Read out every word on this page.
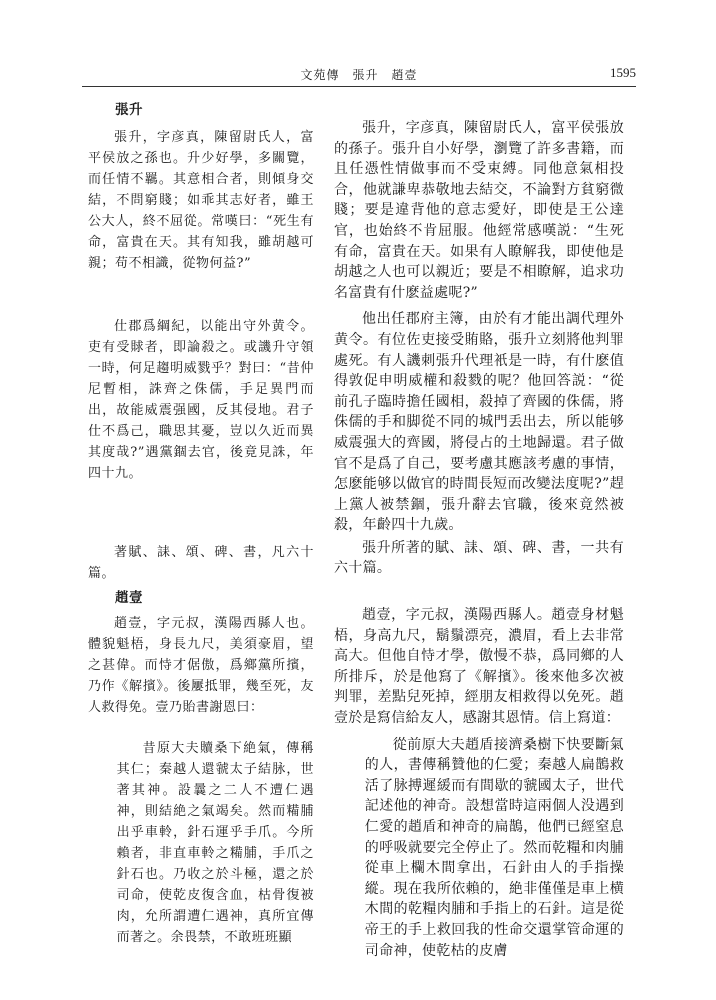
文苑傳　張升　趙壹	1595

張升

張升，字彦真，陳留尉氏人，富平侯放之孫也。升少好學，多關覽，而任情不羈。其意相合者，則傾身交結，不問窮賤；如乖其志好者，雖王公大人，終不屈從。常嘆曰：“死生有命，富貴在天。其有知我，雖胡越可親；苟不相識，從物何益?”

仕郡爲綱紀，以能出守外黄令。吏有受賕者，即論殺之。或譏升守領一時，何足趨明威戮乎？對曰：“昔仲尼暫相，誅齊之侏儒，手足異門而出，故能威震强國，反其侵地。君子仕不爲己，職思其憂，豈以久近而異其度哉?”遇黨錮去官，後竟見誅，年四十九。

著賦、誄、頌、碑、書，凡六十篇。

趙壹

趙壹，字元叔，漢陽西縣人也。體貌魁梧，身長九尺，美須豪眉，望之甚偉。而恃才倨傲，爲鄉黨所擯，乃作《解擯》。後屢抵罪，幾至死，友人救得免。壹乃貽書謝恩曰：

昔原大夫贖桑下絶氣，傳稱其仁；秦越人還虢太子結脉，世著其神。設曩之二人不遭仁遇神，則結絶之氣竭矣。然而糒脯出乎車軨，針石運乎手爪。今所賴者，非直車軨之糒脯，手爪之針石也。乃收之於斗極，還之於司命，使乾皮復含血，枯骨復被肉，允所謂遭仁遇神，真所宜傳而著之。余畏禁，不敢班班顯

張升，字彦真，陳留尉氏人，富平侯張放的孫子。張升自小好學，瀏覽了許多書籍，而且任憑性情做事而不受束縛。同他意氣相投合，他就謙卑恭敬地去結交，不論對方貧窮微賤；要是違背他的意志愛好，即使是王公達官，也始終不肯屈服。他經常感嘆説：“生死有命，富貴在天。如果有人瞭解我，即使他是胡越之人也可以親近；要是不相瞭解，追求功名富貴有什麽益處呢?”

他出任郡府主簿，由於有才能出調代理外黄令。有位佐吏接受賄賂，張升立刻將他判罪處死。有人譏刺張升代理衹是一時，有什麽值得敦促申明威權和殺戮的呢？他回答説：“從前孔子臨時擔任國相，殺掉了齊國的侏儒，將侏儒的手和脚從不同的城門丢出去，所以能够威震强大的齊國，將侵占的土地歸還。君子做官不是爲了自己，要考慮其應該考慮的事情，怎麽能够以做官的時間長短而改變法度呢?”趕上黨人被禁錮，張升辭去官職，後來竟然被殺，年齡四十九歲。

張升所著的賦、誄、頌、碑、書，一共有六十篇。

趙壹，字元叔，漢陽西縣人。趙壹身材魁梧，身高九尺，鬍鬚漂亮，濃眉，看上去非常高大。但他自恃才學，傲慢不恭，爲同鄉的人所排斥，於是他寫了《解擯》。後來他多次被判罪，差點兒死掉，經朋友相救得以免死。趙壹於是寫信給友人，感謝其恩情。信上寫道：

從前原大夫趙盾接濟桑樹下快要斷氣的人，書傳稱贊他的仁愛；秦越人扁鵲救活了脉搏遲緩而有間歇的虢國太子，世代記述他的神奇。設想當時這兩個人没遇到仁愛的趙盾和神奇的扁鵲，他們已經窒息的呼吸就要完全停止了。然而乾糧和肉脯從車上欄木間拿出，石針由人的手指操縱。現在我所依賴的，絶非僅僅是車上横木間的乾糧肉脯和手指上的石針。這是從帝王的手上救回我的性命交還掌管命運的司命神，使乾枯的皮膚
